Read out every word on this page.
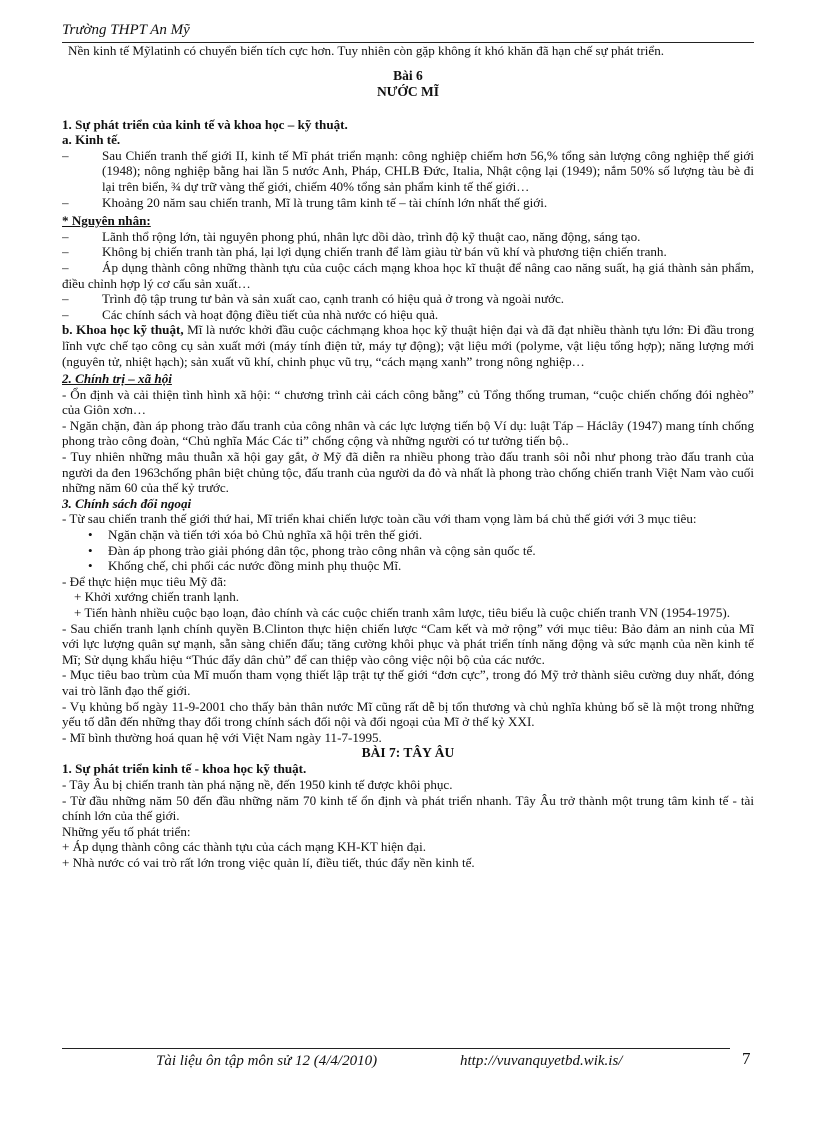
Trường THPT An Mỹ

Nền kinh tế Mỹlatinh có chuyển biến tích cực hơn. Tuy nhiên còn gặp không ít khó khăn đã hạn chế sự phát triển.

Bài 6

NƯỚC MĨ

1. Sự phát triển của kinh tế và khoa học – kỹ thuật.

a. Kinh tế.

–	Sau Chiến tranh thế giới II, kinh tế Mĩ phát triển mạnh: công nghiệp chiếm hơn 56,% tổng sản lượng công nghiệp thế giới (1948); nông nghiệp bằng hai lần 5 nước Anh, Pháp, CHLB Đức, Italia, Nhật cộng lại (1949); nắm 50% số lượng tàu bè đi lại trên biển, ¾ dự trữ vàng thế giới, chiếm 40% tổng sản phẩm kinh tế thế giới…

–	Khoảng 20 năm sau chiến tranh, Mĩ là trung tâm kinh tế – tài chính lớn nhất thế giới.

* Nguyên nhân:

–	Lãnh thổ rộng lớn, tài nguyên phong phú, nhân lực dồi dào, trình độ kỹ thuật cao, năng động, sáng tạo.

–	Không bị chiến tranh tàn phá, lại lợi dụng chiến tranh để làm giàu từ bán vũ khí và phương tiện chiến tranh.

–	Áp dụng thành công những thành tựu của cuộc cách mạng khoa học kĩ thuật để nâng cao năng suất, hạ giá thành sản phẩm, điều chỉnh hợp lý cơ cấu sản xuất…

–	Trình độ tập trung tư bản và sản xuất cao, cạnh tranh có hiệu quả ở trong và ngoài nước.

–	Các chính sách và hoạt động điều tiết của nhà nước có hiệu quả.

b. Khoa học kỹ thuật, Mĩ là nước khởi đầu cuộc cáchmạng khoa học kỹ thuật hiện đại và đã đạt nhiều thành tựu lớn: Đi đầu trong lĩnh vực chế tạo công cụ sản xuất mới (máy tính điện tử, máy tự động); vật liệu mới (polyme, vật liệu tổng hợp); năng lượng mới (nguyên tử, nhiệt hạch); sản xuất vũ khí, chinh phục vũ trụ, “cách mạng xanh” trong nông nghiệp…

2. Chính trị – xã hội

- Ổn định và cải thiện tình hình xã hội: “ chương trình cải cách công bằng” củ Tổng thống truman, “cuộc chiến chống đói nghèo” của Giôn xơn…

- Ngăn chặn, đàn áp phong trào đấu tranh của công nhân và các lực lượng tiến bộ Ví dụ: luật Táp – Háclây (1947) mang tính chống phong trào công đoàn, “Chủ nghĩa Mác Các ti” chống cộng và những người có tư tưởng tiến bộ..

- Tuy nhiên những mâu thuẫn xã hội gay gắt, ở Mỹ đã diễn ra nhiều phong trào đấu tranh sôi nỗi như phong trào đấu tranh của người da đen 1963chống phân biệt chủng tộc, đấu tranh của người da đỏ và nhất là phong trào chống chiến tranh Việt Nam vào cuối những năm 60 của thế kỷ trước.

3. Chính sách đối ngoại

- Từ sau chiến tranh thế giới thứ hai, Mĩ triển khai chiến lược toàn cầu với tham vọng làm bá chủ thế giới với 3 mục tiêu:

• Ngăn chặn và tiến tới xóa bỏ Chủ nghĩa xã hội trên thế giới.

• Đàn áp phong trào giải phóng dân tộc, phong trào công nhân và cộng sản quốc tế.

• Khống chế, chi phối các nước đồng minh phụ thuộc Mĩ.

- Để thực hiện mục tiêu Mỹ đã:

+ Khởi xướng chiến tranh lạnh.

+ Tiến hành nhiều cuộc bạo loạn, đảo chính và các cuộc chiến tranh xâm lược, tiêu biểu là cuộc chiến tranh VN (1954-1975).

- Sau chiến tranh lạnh chính quyền B.Clinton thực hiện chiến lược “Cam kết và mở rộng” với mục tiêu: Bảo đảm an ninh của Mĩ với lực lượng quân sự mạnh, sẵn sàng chiến đấu; tăng cường khôi phục và phát triển tính năng động và sức mạnh của nền kinh tế Mĩ; Sử dụng khẩu hiệu “Thúc đẩy dân chủ” để can thiệp vào công việc nội bộ của các nước.

- Mục tiêu bao trùm của Mĩ muốn tham vọng thiết lập trật tự thế giới “đơn cực”, trong đó Mỹ trở thành siêu cường duy nhất, đóng vai trò lãnh đạo thế giới.

- Vụ khủng bố ngày 11-9-2001 cho thấy bản thân nước Mĩ cũng rất dễ bị tổn thương và chủ nghĩa khủng bố sẽ là một trong những yếu tố dẫn đến những thay đổi trong chính sách đối nội và đối ngoại của Mĩ ở thế kỷ XXI.

- Mĩ bình thường hoá quan hệ với Việt Nam ngày 11-7-1995.

BÀI 7: TÂY ÂU

1. Sự phát triển kinh tế - khoa học kỹ thuật.

- Tây Âu bị chiến tranh tàn phá nặng nề, đến 1950 kinh tế được khôi phục.

- Từ đầu những năm 50 đến đầu những năm 70 kinh tế ổn định và phát triển nhanh. Tây Âu trở thành một trung tâm kinh tế - tài chính lớn của thế giới.

Những yếu tố phát triển:

+ Áp dụng thành công các thành tựu của cách mạng KH-KT hiện đại.

+ Nhà nước có vai trò rất lớn trong việc quản lí, điều tiết, thúc đẩy nền kinh tế.

Tài liệu ôn tập môn sử 12 (4/4/2010)	http://vuvanquyetbd.wik.is/	7
